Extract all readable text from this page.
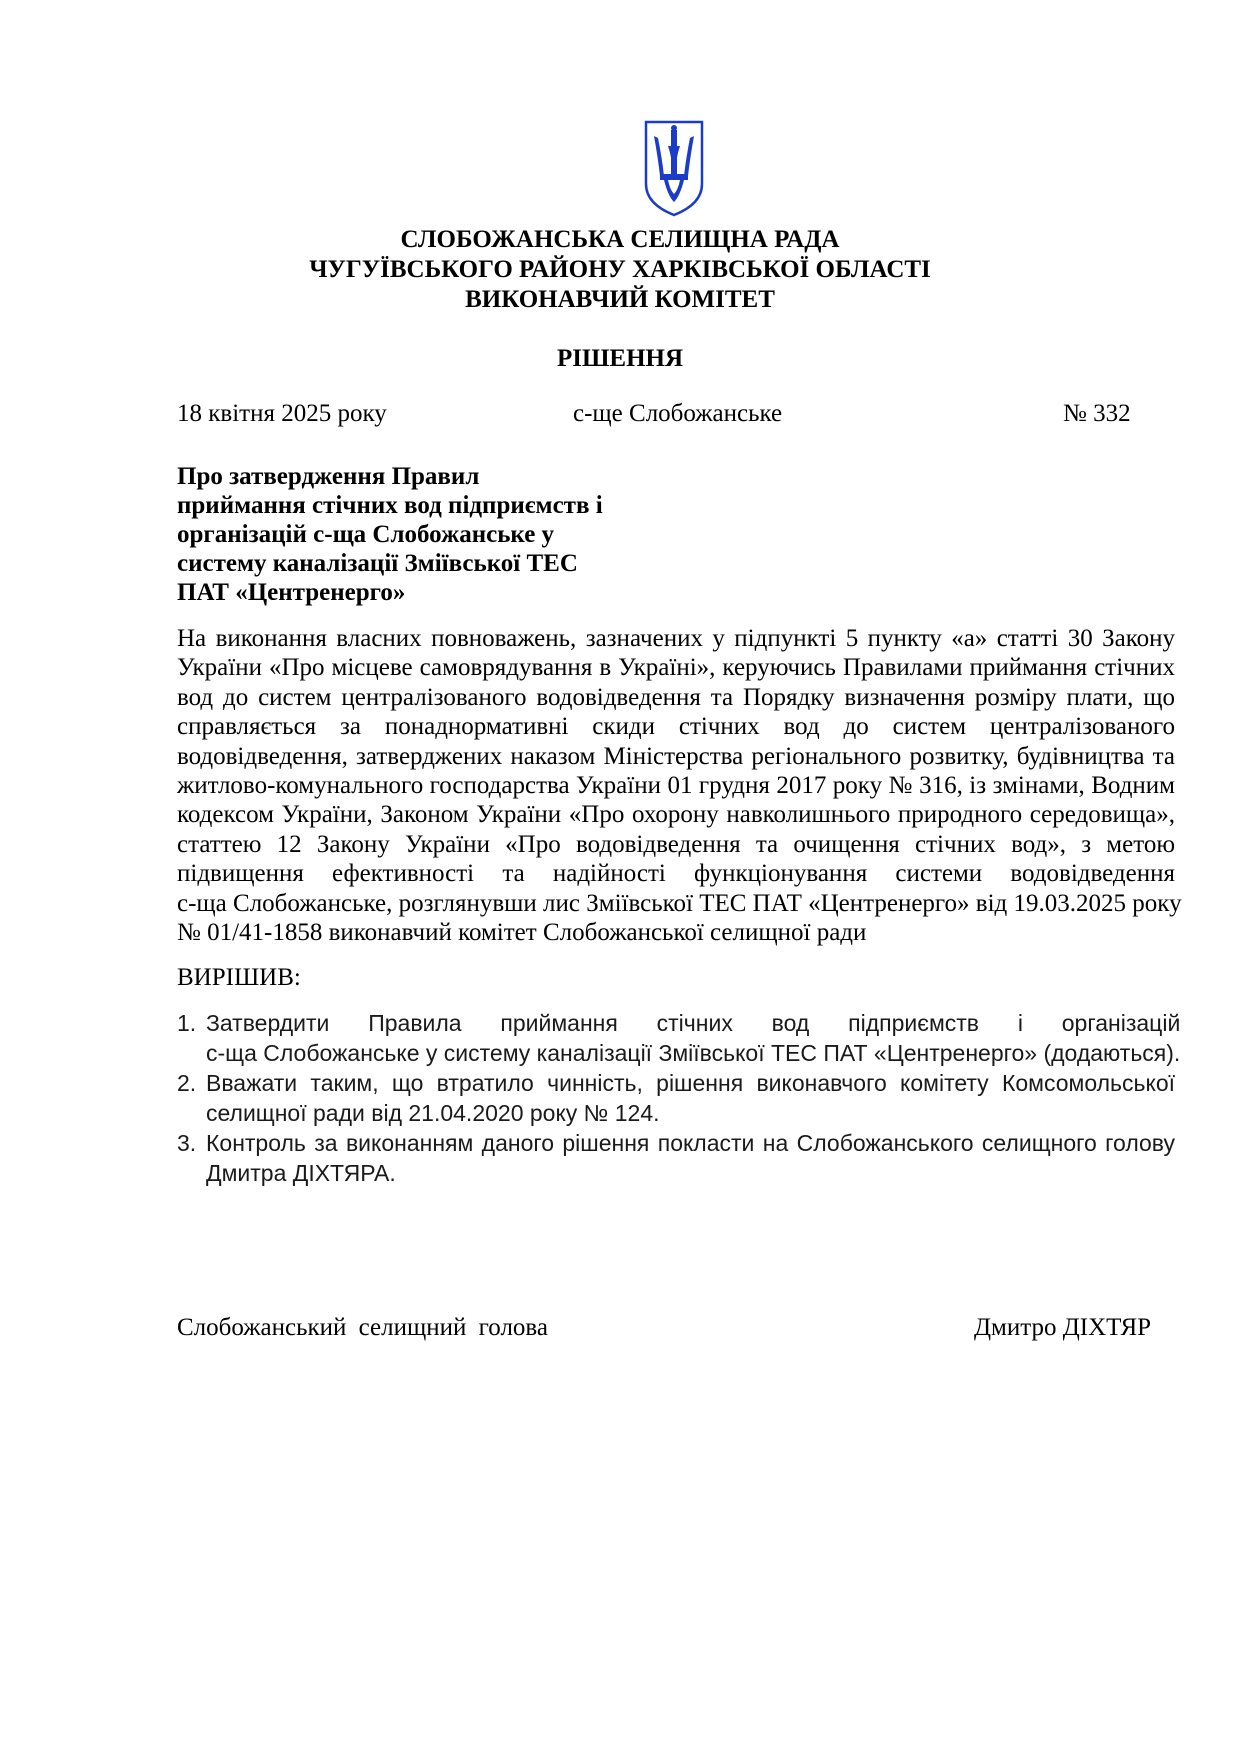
СЛОБОЖАНСЬКА СЕЛИЩНА РАДА
ЧУГУЇВСЬКОГО РАЙОНУ ХАРКІВСЬКОЇ ОБЛАСТІ
ВИКОНАВЧИЙ КОМІТЕТ
РІШЕННЯ
18 квітня 2025 року	с-ще Слобожанське	№ 332
Про затвердження Правил
приймання стічних вод підприємств і
організацій с-ща Слобожанське у
систему каналізації Зміївської ТЕС
ПАТ «Центренерго»
На виконання власних повноважень, зазначених у підпункті 5 пункту «а» статті 30 Закону
України «Про місцеве самоврядування в Україні», керуючись Правилами приймання стічних
вод до систем централізованого водовідведення та Порядку визначення розміру плати, що
справляється за понаднормативні скиди стічних вод до систем централізованого
водовідведення, затверджених наказом Міністерства регіонального розвитку, будівництва та
житлово-комунального господарства України 01 грудня 2017 року № 316, із змінами, Водним
кодексом України, Законом України «Про охорону навколишнього природного середовища»,
статтею 12 Закону України «Про водовідведення та очищення стічних вод», з метою
підвищення ефективності та надійності функціонування системи водовідведення
с-ща Слобожанське, розглянувши лис Зміївської ТЕС ПАТ «Центренерго» від 19.03.2025 року
№ 01/41-1858 виконавчий комітет Слобожанської селищної ради
ВИРІШИВ:
1. Затвердити Правила приймання стічних вод підприємств і організацій
с-ща Слобожанське у систему каналізації Зміївської ТЕС ПАТ «Центренерго» (додаються).
2. Вважати таким, що втратило чинність, рішення виконавчого комітету Комсомольської
селищної ради від 21.04.2020 року № 124.
3. Контроль за виконанням даного рішення покласти на Слобожанського селищного голову
Дмитра ДІХТЯРА.
Слобожанський селищний голова	Дмитро ДІХТЯР
